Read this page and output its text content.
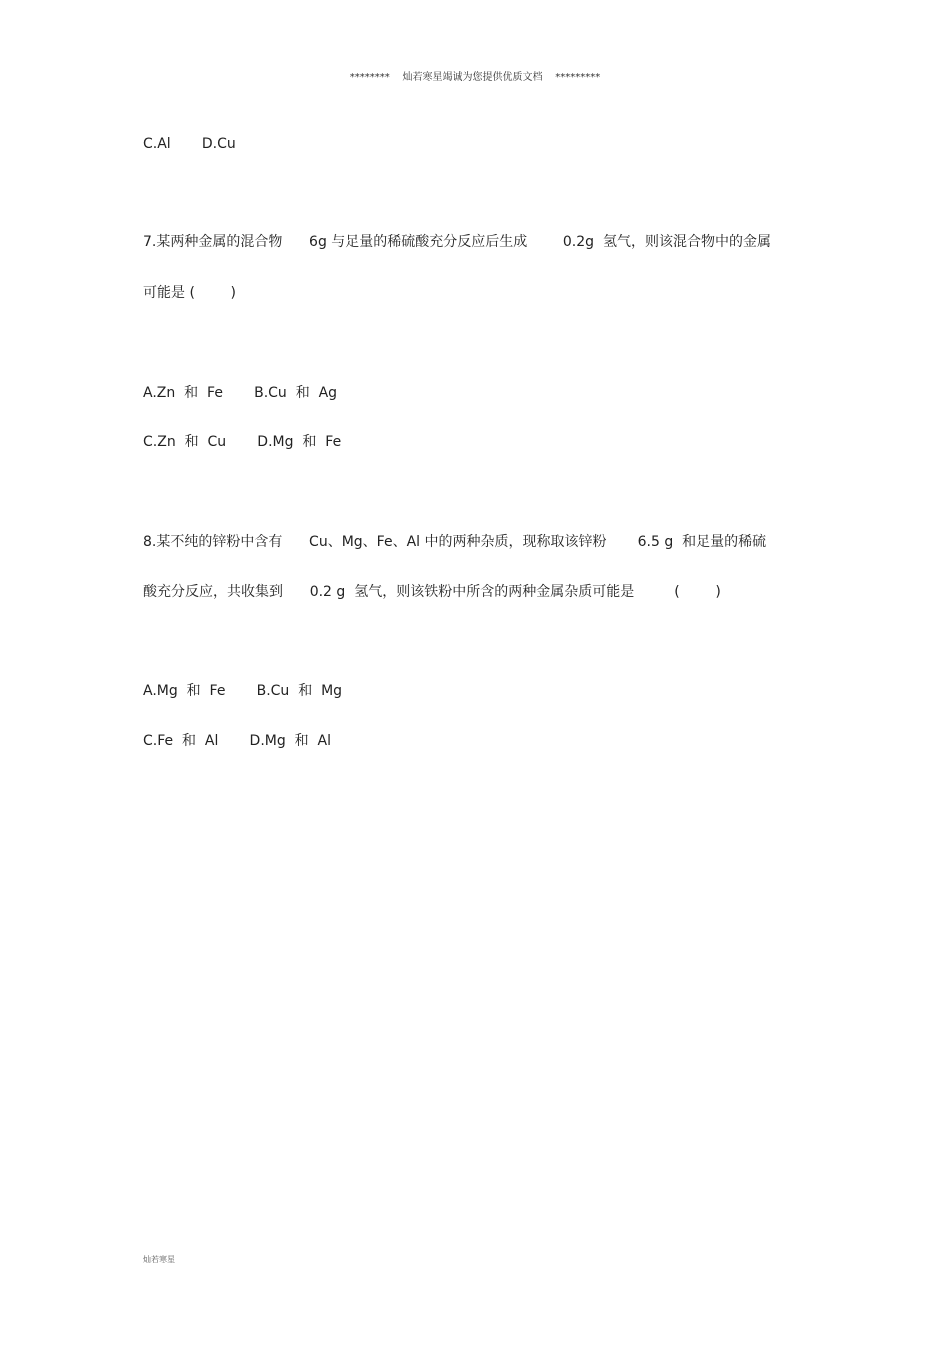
********    灿若寒星竭诚为您提供优质文档    *********
C.Al       D.Cu
7.某两种金属的混合物      6g 与足量的稀硫酸充分反应后生成        0.2g  氢气，则该混合物中的金属
可能是 (        )
A.Zn  和  Fe       B.Cu  和  Ag
C.Zn  和  Cu       D.Mg  和  Fe
8.某不纯的锌粉中含有      Cu、Mg、Fe、Al 中的两种杂质，现称取该锌粉       6.5 g  和足量的稀硫
酸充分反应，共收集到      0.2 g  氢气，则该铁粉中所含的两种金属杂质可能是         (        )
A.Mg  和  Fe       B.Cu  和  Mg
C.Fe  和  Al       D.Mg  和  Al
灿若寒星
